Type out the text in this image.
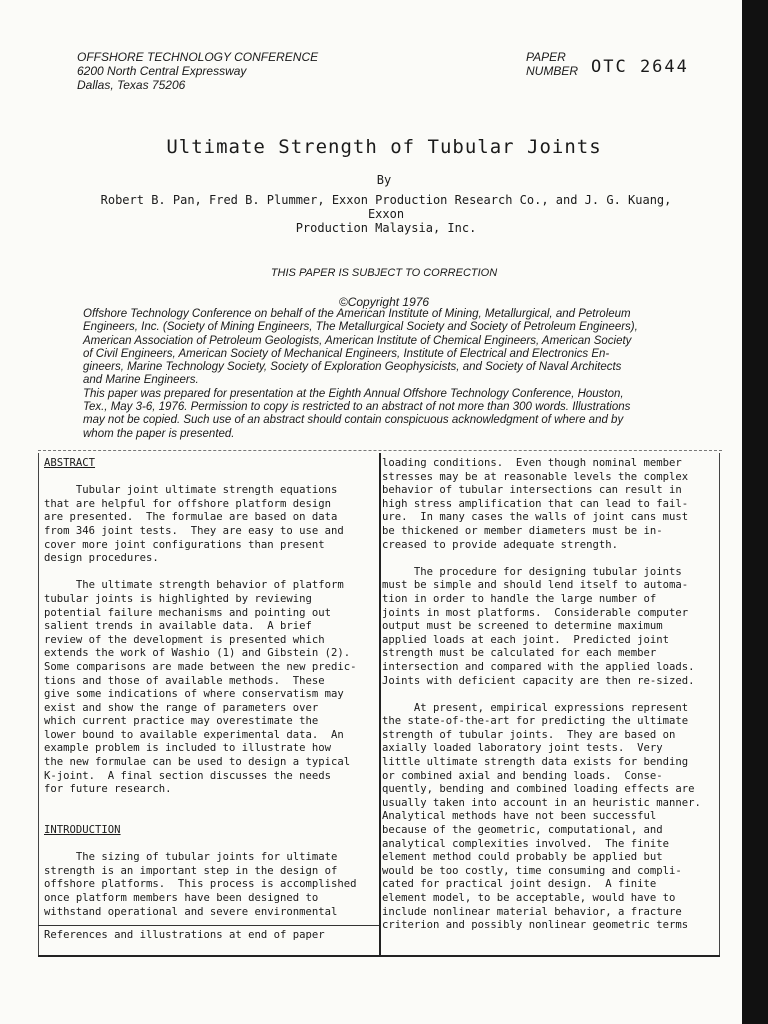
OFFSHORE TECHNOLOGY CONFERENCE
6200 North Central Expressway
Dallas, Texas 75206
PAPER
NUMBER OTC 2644
Ultimate Strength of Tubular Joints
By
Robert B. Pan, Fred B. Plummer, Exxon Production Research Co., and J. G. Kuang, Exxon
Production Malaysia, Inc.
THIS PAPER IS SUBJECT TO CORRECTION
©Copyright 1976

Offshore Technology Conference on behalf of the American Institute of Mining, Metallurgical, and Petroleum

Engineers, Inc. (Society of Mining Engineers, The Metallurgical Society and Society of Petroleum Engineers),

American Association of Petroleum Geologists, American Institute of Chemical Engineers, American Society

of Civil Engineers, American Society of Mechanical Engineers, Institute of Electrical and Electronics En-

gineers, Marine Technology Society, Society of Exploration Geophysicists, and Society of Naval Architects

and Marine Engineers.

This paper was prepared for presentation at the Eighth Annual Offshore Technology Conference, Houston,

Tex., May 3-6, 1976. Permission to copy is restricted to an abstract of not more than 300 words. Illustrations

may not be copied. Such use of an abstract should contain conspicuous acknowledgment of where and by

whom the paper is presented.

ABSTRACT

Tubular joint ultimate strength equations

that are helpful for offshore platform design

are presented.  The formulae are based on data

from 346 joint tests.  They are easy to use and

cover more joint configurations than present

design procedures.

The ultimate strength behavior of platform

tubular joints is highlighted by reviewing

potential failure mechanisms and pointing out

salient trends in available data.  A brief

review of the development is presented which

extends the work of Washio (1) and Gibstein (2).

Some comparisons are made between the new predic-

tions and those of available methods.  These

give some indications of where conservatism may

exist and show the range of parameters over

which current practice may overestimate the

lower bound to available experimental data.  An

example problem is included to illustrate how

the new formulae can be used to design a typical

K-joint.  A final section discusses the needs

for future research.

INTRODUCTION

The sizing of tubular joints for ultimate

strength is an important step in the design of

offshore platforms.  This process is accomplished

once platform members have been designed to

withstand operational and severe environmental

References and illustrations at end of paper

loading conditions.  Even though nominal member

stresses may be at reasonable levels the complex

behavior of tubular intersections can result in

high stress amplification that can lead to fail-

ure.  In many cases the walls of joint cans must

be thickened or member diameters must be in-

creased to provide adequate strength.

The procedure for designing tubular joints

must be simple and should lend itself to automa-

tion in order to handle the large number of

joints in most platforms.  Considerable computer

output must be screened to determine maximum

applied loads at each joint.  Predicted joint

strength must be calculated for each member

intersection and compared with the applied loads.

Joints with deficient capacity are then re-sized.

At present, empirical expressions represent

the state-of-the-art for predicting the ultimate

strength of tubular joints.  They are based on

axially loaded laboratory joint tests.  Very

little ultimate strength data exists for bending

or combined axial and bending loads.  Conse-

quently, bending and combined loading effects are

usually taken into account in an heuristic manner.

Analytical methods have not been successful

because of the geometric, computational, and

analytical complexities involved.  The finite

element method could probably be applied but

would be too costly, time consuming and compli-

cated for practical joint design.  A finite

element model, to be acceptable, would have to

include nonlinear material behavior, a fracture

criterion and possibly nonlinear geometric terms
